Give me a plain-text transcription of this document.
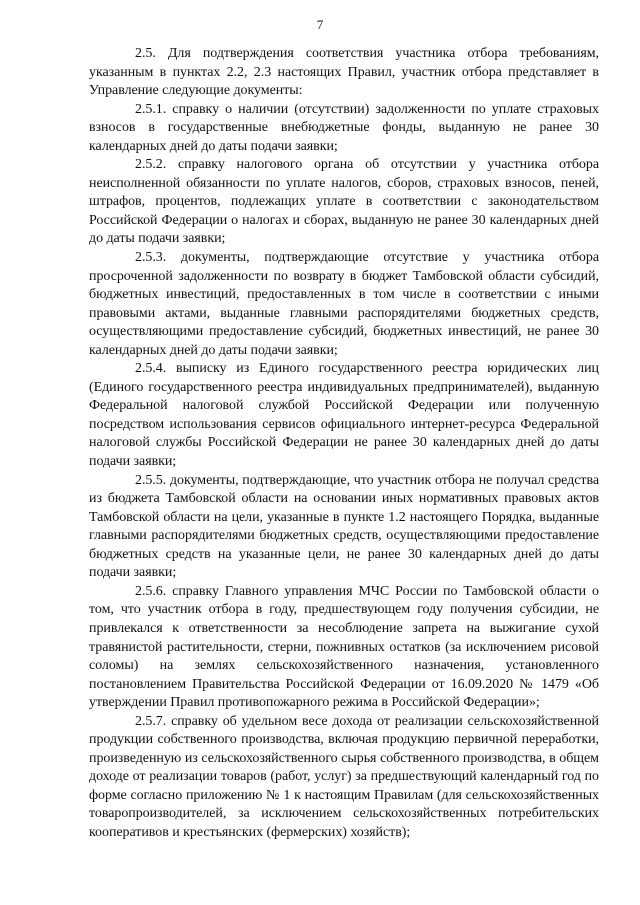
7

2.5. Для подтверждения соответствия участника отбора требованиям, указанным в пунктах 2.2, 2.3 настоящих Правил, участник отбора представляет в Управление следующие документы:

2.5.1. справку о наличии (отсутствии) задолженности по уплате страховых взносов в государственные внебюджетные фонды, выданную не ранее 30 календарных дней до даты подачи заявки;

2.5.2. справку налогового органа об отсутствии у участника отбора неисполненной обязанности по уплате налогов, сборов, страховых взносов, пеней, штрафов, процентов, подлежащих уплате в соответствии с законодательством Российской Федерации о налогах и сборах, выданную не ранее 30 календарных дней до даты подачи заявки;

2.5.3. документы, подтверждающие отсутствие у участника отбора просроченной задолженности по возврату в бюджет Тамбовской области субсидий, бюджетных инвестиций, предоставленных в том числе в соответствии с иными правовыми актами, выданные главными распорядителями бюджетных средств, осуществляющими предоставление субсидий, бюджетных инвестиций, не ранее 30 календарных дней до даты подачи заявки;

2.5.4. выписку из Единого государственного реестра юридических лиц (Единого государственного реестра индивидуальных предпринимателей), выданную Федеральной налоговой службой Российской Федерации или полученную посредством использования сервисов официального интернет-ресурса Федеральной налоговой службы Российской Федерации не ранее 30 календарных дней до даты подачи заявки;

2.5.5. документы, подтверждающие, что участник отбора не получал средства из бюджета Тамбовской области на основании иных нормативных правовых актов Тамбовской области на цели, указанные в пункте 1.2 настоящего Порядка, выданные главными распорядителями бюджетных средств, осуществляющими предоставление бюджетных средств на указанные цели, не ранее 30 календарных дней до даты подачи заявки;

2.5.6. справку Главного управления МЧС России по Тамбовской области о том, что участник отбора в году, предшествующем году получения субсидии, не привлекался к ответственности за несоблюдение запрета на выжигание сухой травянистой растительности, стерни, пожнивных остатков (за исключением рисовой соломы) на землях сельскохозяйственного назначения, установленного постановлением Правительства Российской Федерации от 16.09.2020 № 1479 «Об утверждении Правил противопожарного режима в Российской Федерации»;

2.5.7. справку об удельном весе дохода от реализации сельскохозяйственной продукции собственного производства, включая продукцию первичной переработки, произведенную из сельскохозяйственного сырья собственного производства, в общем доходе от реализации товаров (работ, услуг) за предшествующий календарный год по форме согласно приложению № 1 к настоящим Правилам (для сельскохозяйственных товаропроизводителей, за исключением сельскохозяйственных потребительских кооперативов и крестьянских (фермерских) хозяйств);
